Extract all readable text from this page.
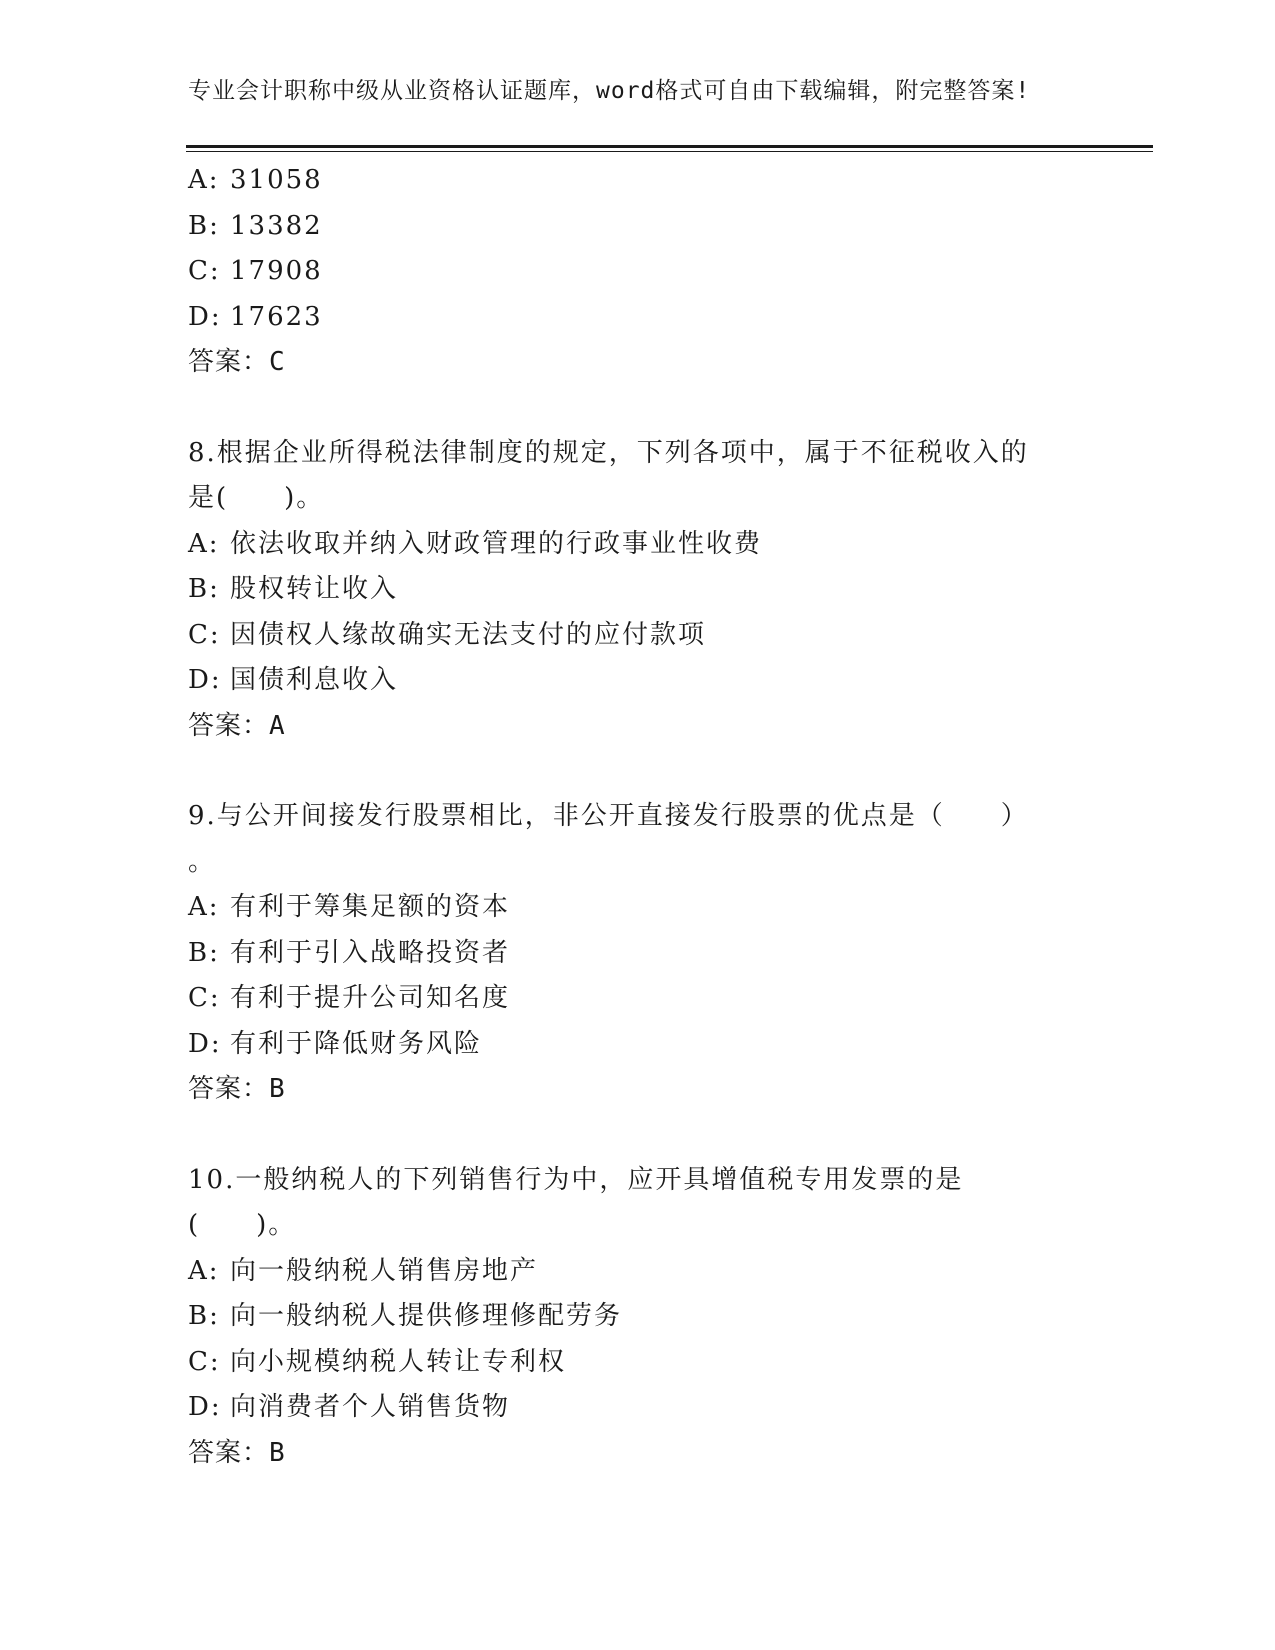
专业会计职称中级从业资格认证题库，word格式可自由下载编辑，附完整答案!
A: 31058
B: 13382
C: 17908
D: 17623
答案：C
8.根据企业所得税法律制度的规定，下列各项中，属于不征税收入的
是(　　)。
A: 依法收取并纳入财政管理的行政事业性收费
B: 股权转让收入
C: 因债权人缘故确实无法支付的应付款项
D: 国债利息收入
答案：A
9.与公开间接发行股票相比，非公开直接发行股票的优点是（　　）
。
A: 有利于筹集足额的资本
B: 有利于引入战略投资者
C: 有利于提升公司知名度
D: 有利于降低财务风险
答案：B
10.一般纳税人的下列销售行为中，应开具增值税专用发票的是
(　　)。
A: 向一般纳税人销售房地产
B: 向一般纳税人提供修理修配劳务
C: 向小规模纳税人转让专利权
D: 向消费者个人销售货物
答案：B
